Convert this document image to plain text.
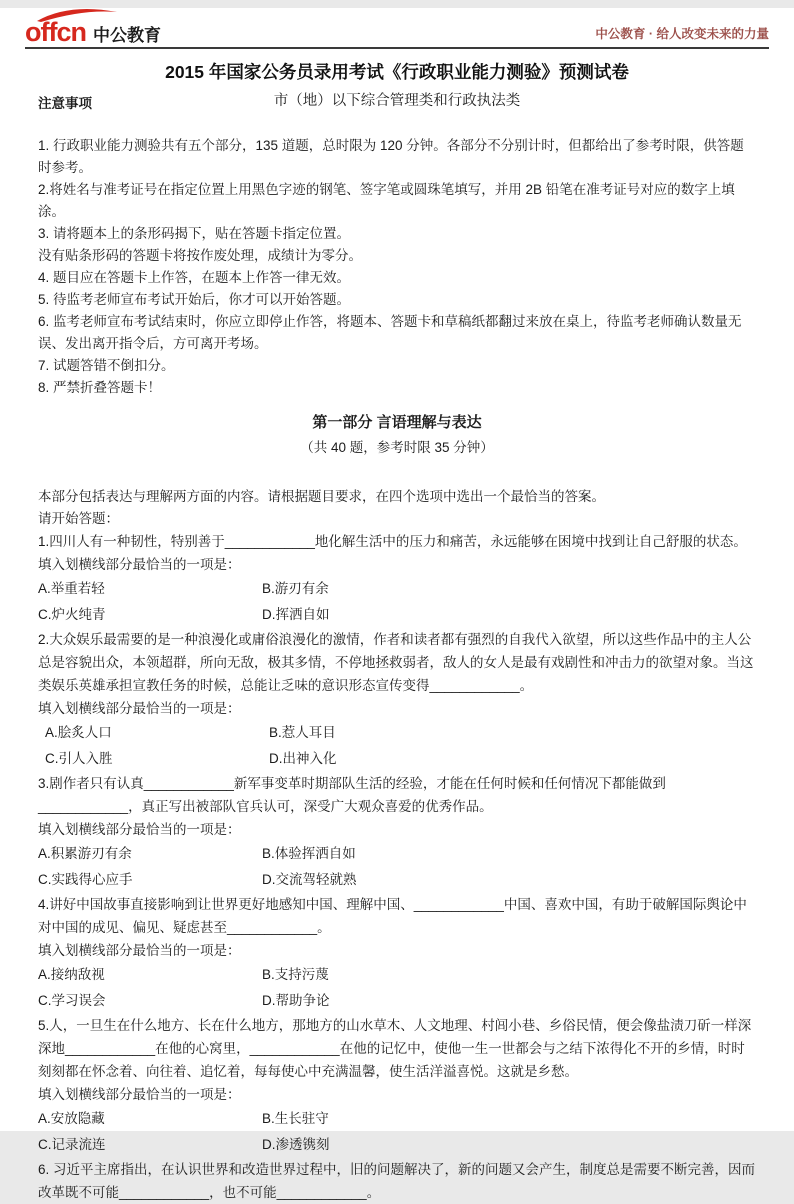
offcn 中公教育	中公教育 · 给人改变未来的力量
2015 年国家公务员录用考试《行政职业能力测验》预测试卷
注意事项	市（地）以下综合管理类和行政执法类

1. 行政职业能力测验共有五个部分，135 道题，总时限为 120 分钟。各部分不分别计时，但都给出了参考时限，供答题时参考。

2.将姓名与准考证号在指定位置上用黑色字迹的钢笔、签字笔或圆珠笔填写，并用 2B 铅笔在准考证号对应的数字上填涂。

3. 请将题本上的条形码揭下，贴在答题卡指定位置。

没有贴条形码的答题卡将按作废处理，成绩计为零分。

4. 题目应在答题卡上作答，在题本上作答一律无效。

5. 待监考老师宣布考试开始后，你才可以开始答题。

6. 监考老师宣布考试结束时，你应立即停止作答，将题本、答题卡和草稿纸都翻过来放在桌上，待监考老师确认数量无误、发出离开指令后，方可离开考场。

7. 试题答错不倒扣分。

8. 严禁折叠答题卡！

第一部分 言语理解与表达
（共 40 题，参考时限 35 分钟）

本部分包括表达与理解两方面的内容。请根据题目要求，在四个选项中选出一个最恰当的答案。

请开始答题：

1.四川人有一种韧性，特别善于____________地化解生活中的压力和痛苦，永远能够在困境中找到让自己舒服的状态。

填入划横线部分最恰当的一项是：

A.举重若轻	B.游刃有余
C.炉火纯青	D.挥洒自如

2.大众娱乐最需要的是一种浪漫化或庸俗浪漫化的激情，作者和读者都有强烈的自我代入欲望，所以这些作品中的主人公总是容貌出众，本领超群，所向无敌，极其多情，不停地拯救弱者，敌人的女人是最有戏剧性和冲击力的欲望对象。当这类娱乐英雄承担宣教任务的时候，总能让乏味的意识形态宣传变得____________。

填入划横线部分最恰当的一项是：

A.脍炙人口	B.惹人耳目
C.引人入胜	D.出神入化

3.剧作者只有认真____________新军事变革时期部队生活的经验，才能在任何时候和任何情况下都能做到____________，真正写出被部队官兵认可，深受广大观众喜爱的优秀作品。

填入划横线部分最恰当的一项是：

A.积累游刃有余	B.体验挥洒自如
C.实践得心应手	D.交流驾轻就熟

4.讲好中国故事直接影响到让世界更好地感知中国、理解中国、____________中国、喜欢中国，有助于破解国际舆论中对中国的成见、偏见、疑虑甚至____________。

填入划横线部分最恰当的一项是：

A.接纳敌视	B.支持污蔑
C.学习误会	D.帮助争论

5.人，一旦生在什么地方、长在什么地方，那地方的山水草木、人文地理、村闾小巷、乡俗民情，便会像盐渍刀斫一样深深地____________在他的心窝里，____________在他的记忆中，使他一生一世都会与之结下浓得化不开的乡情，时时刻刻都在怀念着、向往着、追忆着，每每使心中充满温馨，使生活洋溢喜悦。这就是乡愁。

填入划横线部分最恰当的一项是：

A.安放隐藏	B.生长驻守
C.记录流连	D.渗透镌刻

6. 习近平主席指出，在认识世界和改造世界过程中，旧的问题解决了，新的问题又会产生，制度总是需要不断完善，因而改革既不可能____________，也不可能____________。
